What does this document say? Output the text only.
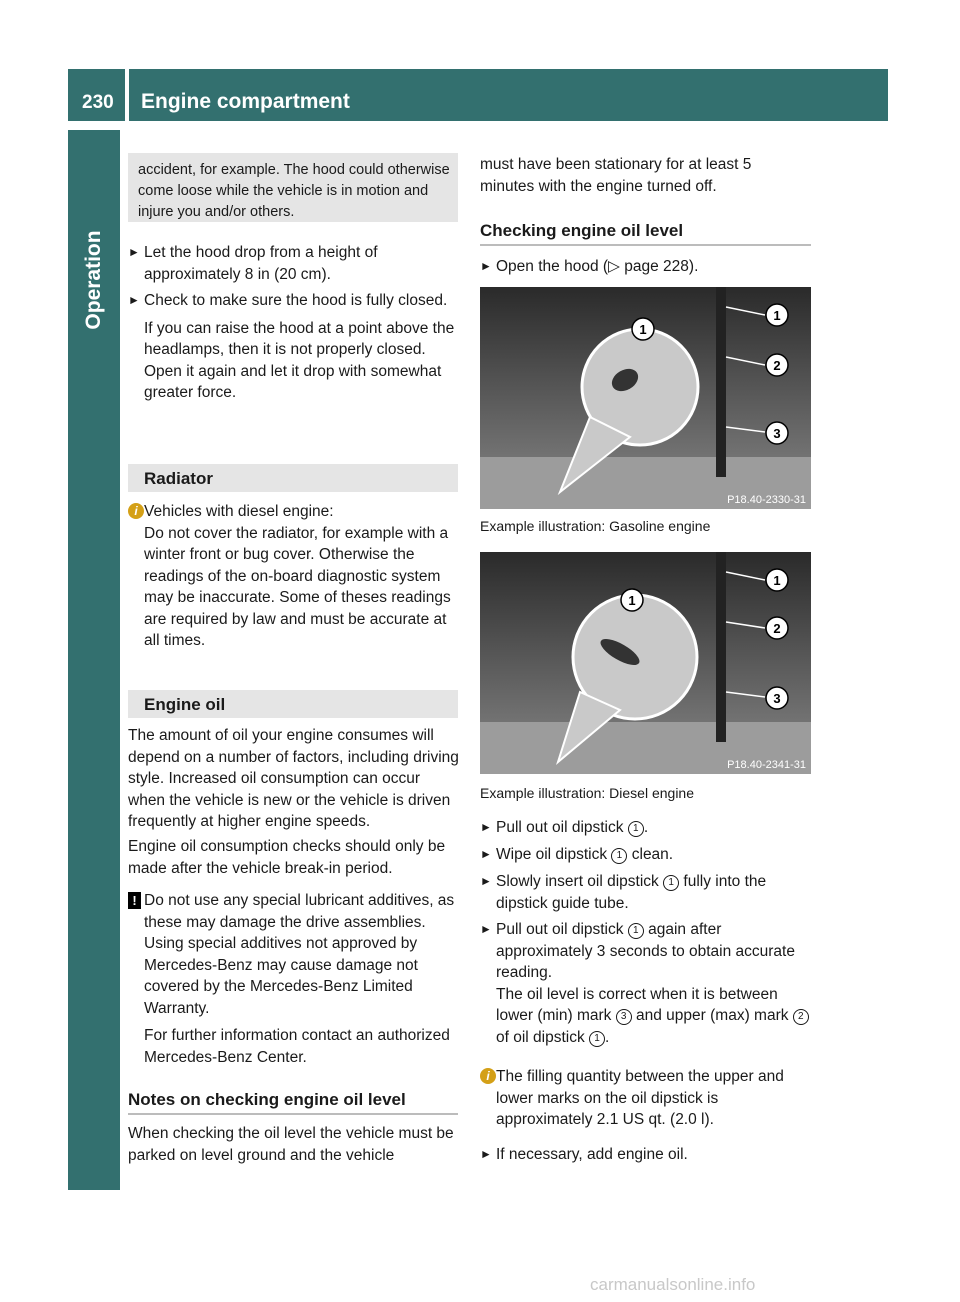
230 Engine compartment
Operation

accident, for example. The hood could otherwise come loose while the vehicle is in motion and injure you and/or others.

► Let the hood drop from a height of approximately 8 in (20 cm).
► Check to make sure the hood is fully closed.
If you can raise the hood at a point above the headlamps, then it is not properly closed. Open it again and let it drop with somewhat greater force.
Radiator
i Vehicles with diesel engine:
Do not cover the radiator, for example with a winter front or bug cover. Otherwise the readings of the on-board diagnostic system may be inaccurate. Some of theses readings are required by law and must be accurate at all times.
Engine oil
The amount of oil your engine consumes will depend on a number of factors, including driving style. Increased oil consumption can occur when the vehicle is new or the vehicle is driven frequently at higher engine speeds.
Engine oil consumption checks should only be made after the vehicle break-in period.
! Do not use any special lubricant additives, as these may damage the drive assemblies. Using special additives not approved by Mercedes-Benz may cause damage not covered by the Mercedes-Benz Limited Warranty.
For further information contact an authorized Mercedes-Benz Center.
Notes on checking engine oil level
When checking the oil level the vehicle must be parked on level ground and the vehicle
must have been stationary for at least 5 minutes with the engine turned off.
Checking engine oil level
► Open the hood (▷ page 228).
1
2
3
1
P18.40-2330-31
Example illustration: Gasoline engine
1
2
3
1
P18.40-2341-31
Example illustration: Diesel engine
► Pull out oil dipstick 1 .
► Wipe oil dipstick 1 clean.
► Slowly insert oil dipstick 1 fully into the dipstick guide tube.
► Pull out oil dipstick 1 again after approximately 3 seconds to obtain accurate reading.
The oil level is correct when it is between lower (min) mark 3 and upper (max) mark 2 of oil dipstick 1 .
i The filling quantity between the upper and lower marks on the oil dipstick is approximately 2.1 US qt. (2.0 l).
► If necessary, add engine oil.
carmanualsonline.info
